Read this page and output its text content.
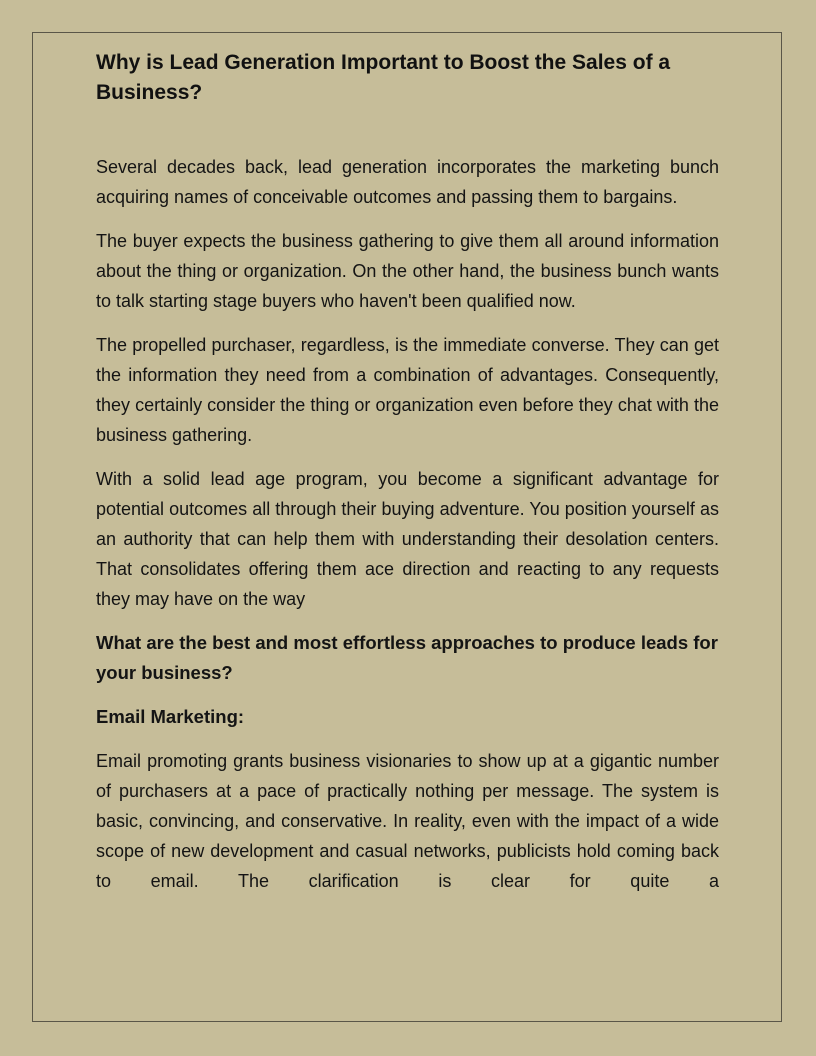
Why is Lead Generation Important to Boost the Sales of a Business?

Several decades back, lead generation incorporates the marketing bunch acquiring names of conceivable outcomes and passing them to bargains.

The buyer expects the business gathering to give them all around information about the thing or organization. On the other hand, the business bunch wants to talk starting stage buyers who haven't been qualified now.

The propelled purchaser, regardless, is the immediate converse. They can get the information they need from a combination of advantages. Consequently, they certainly consider the thing or organization even before they chat with the business gathering.

With a solid lead age program, you become a significant advantage for potential outcomes all through their buying adventure. You position yourself as an authority that can help them with understanding their desolation centers. That consolidates offering them ace direction and reacting to any requests they may have on the way

What are the best and most effortless approaches to produce leads for your business?
Email Marketing:

Email promoting grants business visionaries to show up at a gigantic number of purchasers at a pace of practically nothing per message. The system is basic, convincing, and conservative. In reality, even with the impact of a wide scope of new development and casual networks, publicists hold coming back to email. The clarification is clear for quite a
